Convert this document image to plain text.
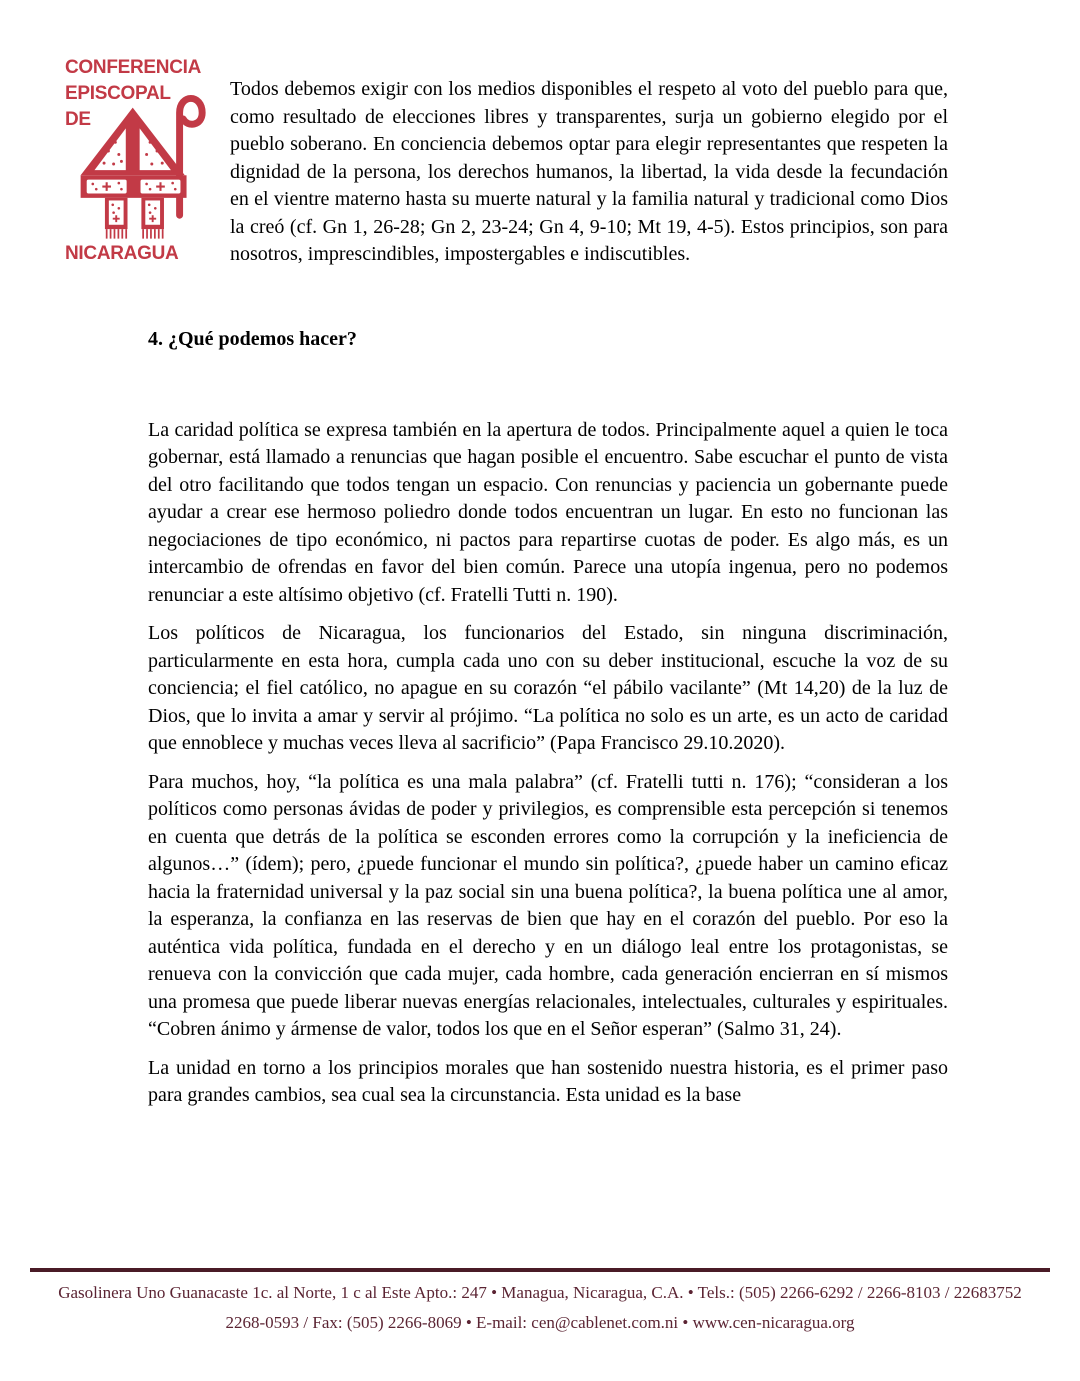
CONFERENCIA
EPISCOPAL
DE
NICARAGUA

Todos debemos exigir con los medios disponibles el respeto al voto del pueblo para que, como resultado de elecciones libres y transparentes, surja un gobierno elegido por el pueblo soberano. En conciencia debemos optar para elegir representantes que respeten la dignidad de la persona, los derechos humanos, la libertad, la vida desde la fecundación en el vientre materno hasta su muerte natural y la familia natural y tradicional como Dios la creó (cf. Gn 1, 26-28; Gn 2, 23-24; Gn 4, 9-10; Mt 19, 4-5). Estos principios, son para nosotros, imprescindibles, impostergables e indiscutibles.

4. ¿Qué podemos hacer?

La caridad política se expresa también en la apertura de todos. Principalmente aquel a quien le toca gobernar, está llamado a renuncias que hagan posible el encuentro. Sabe escuchar el punto de vista del otro facilitando que todos tengan un espacio. Con renuncias y paciencia un gobernante puede ayudar a crear ese hermoso poliedro donde todos encuentran un lugar. En esto no funcionan las negociaciones de tipo económico, ni pactos para repartirse cuotas de poder. Es algo más, es un intercambio de ofrendas en favor del bien común. Parece una utopía ingenua, pero no podemos renunciar a este altísimo objetivo (cf. Fratelli Tutti n. 190).

Los políticos de Nicaragua, los funcionarios del Estado, sin ninguna discriminación, particularmente en esta hora, cumpla cada uno con su deber institucional, escuche la voz de su conciencia; el fiel católico, no apague en su corazón “el pábilo vacilante” (Mt 14,20) de la luz de Dios, que lo invita a amar y servir al prójimo. “La política no solo es un arte, es un acto de caridad que ennoblece y muchas veces lleva al sacrificio” (Papa Francisco 29.10.2020).

Para muchos, hoy, “la política es una mala palabra” (cf. Fratelli tutti n. 176); “consideran a los políticos como personas ávidas de poder y privilegios, es comprensible esta percepción si tenemos en cuenta que detrás de la política se esconden errores como la corrupción y la ineficiencia de algunos…” (ídem); pero, ¿puede funcionar el mundo sin política?, ¿puede haber un camino eficaz hacia la fraternidad universal y la paz social sin una buena política?, la buena política une al amor, la esperanza, la confianza en las reservas de bien que hay en el corazón del pueblo. Por eso la auténtica vida política, fundada en el derecho y en un diálogo leal entre los protagonistas, se renueva con la convicción que cada mujer, cada hombre, cada generación encierran en sí mismos una promesa que puede liberar nuevas energías relacionales, intelectuales, culturales y espirituales. “Cobren ánimo y ármense de valor, todos los que en el Señor esperan” (Salmo 31, 24).

La unidad en torno a los principios morales que han sostenido nuestra historia, es el primer paso para grandes cambios, sea cual sea la circunstancia. Esta unidad es la base

Gasolinera Uno Guanacaste 1c. al Norte, 1 c al Este Apto.: 247 • Managua, Nicaragua, C.A. • Tels.: (505) 2266-6292 / 2266-8103 / 22683752
2268-0593 / Fax: (505) 2266-8069 • E-mail: cen@cablenet.com.ni • www.cen-nicaragua.org
